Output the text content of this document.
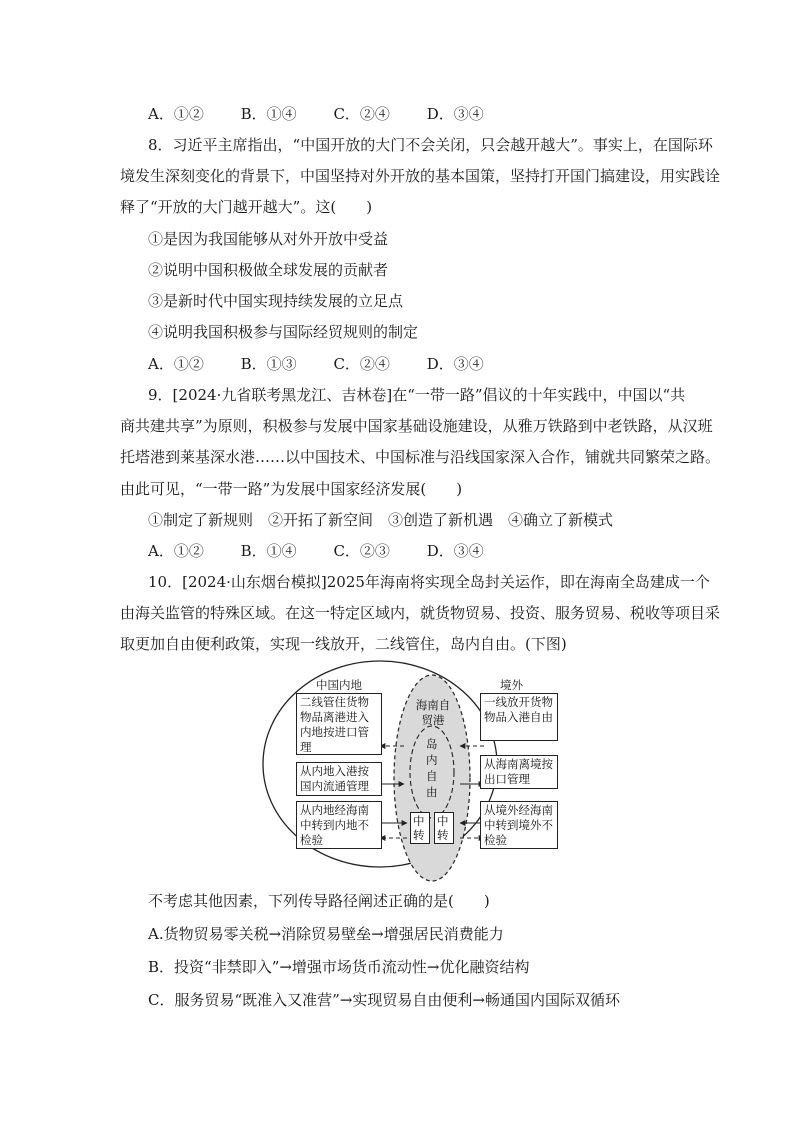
A．①② B．①④ C．②④ D．③④
8．习近平主席指出，“中国开放的大门不会关闭，只会越开越大”。事实上，在国际环
境发生深刻变化的背景下，中国坚持对外开放的基本国策，坚持打开国门搞建设，用实践诠
释了“开放的大门越开越大”。这(　　)
①是因为我国能够从对外开放中受益
②说明中国积极做全球发展的贡献者
③是新时代中国实现持续发展的立足点
④说明我国积极参与国际经贸规则的制定
A．①② B．①③ C．②④ D．③④
9．[2024·九省联考黑龙江、吉林卷]在“一带一路”倡议的十年实践中，中国以“共
商共建共享”为原则，积极参与发展中国家基础设施建设，从雅万铁路到中老铁路，从汉班
托塔港到莱基深水港……以中国技术、中国标准与沿线国家深入合作，铺就共同繁荣之路。
由此可见，“一带一路”为发展中国家经济发展(　　)
①制定了新规则　②开拓了新空间　③创造了新机遇　④确立了新模式
A．①② B．①④ C．②③ D．③④
10．[2024·山东烟台模拟]2025年海南将实现全岛封关运作，即在海南全岛建成一个
由海关监管的特殊区域。在这一特定区域内，就货物贸易、投资、服务贸易、税收等项目采
取更加自由便利政策，实现一线放开，二线管住，岛内自由。(下图)
中国内地
海南自贸港
境外
岛内自由
二线管住货物物品离港进入内地按进口管理
从内地入港按国内流通管理
从内地经海南中转到内地不检验
一线放开货物物品入港自由
从海南离境按出口管理
从境外经海南中转到境外不检验
中转
中转
不考虑其他因素，下列传导路径阐述正确的是(　　)
A.货物贸易零关税→消除贸易壁垒→增强居民消费能力
B．投资“非禁即入”→增强市场货币流动性→优化融资结构
C．服务贸易“既准入又准营”→实现贸易自由便利→畅通国内国际双循环
